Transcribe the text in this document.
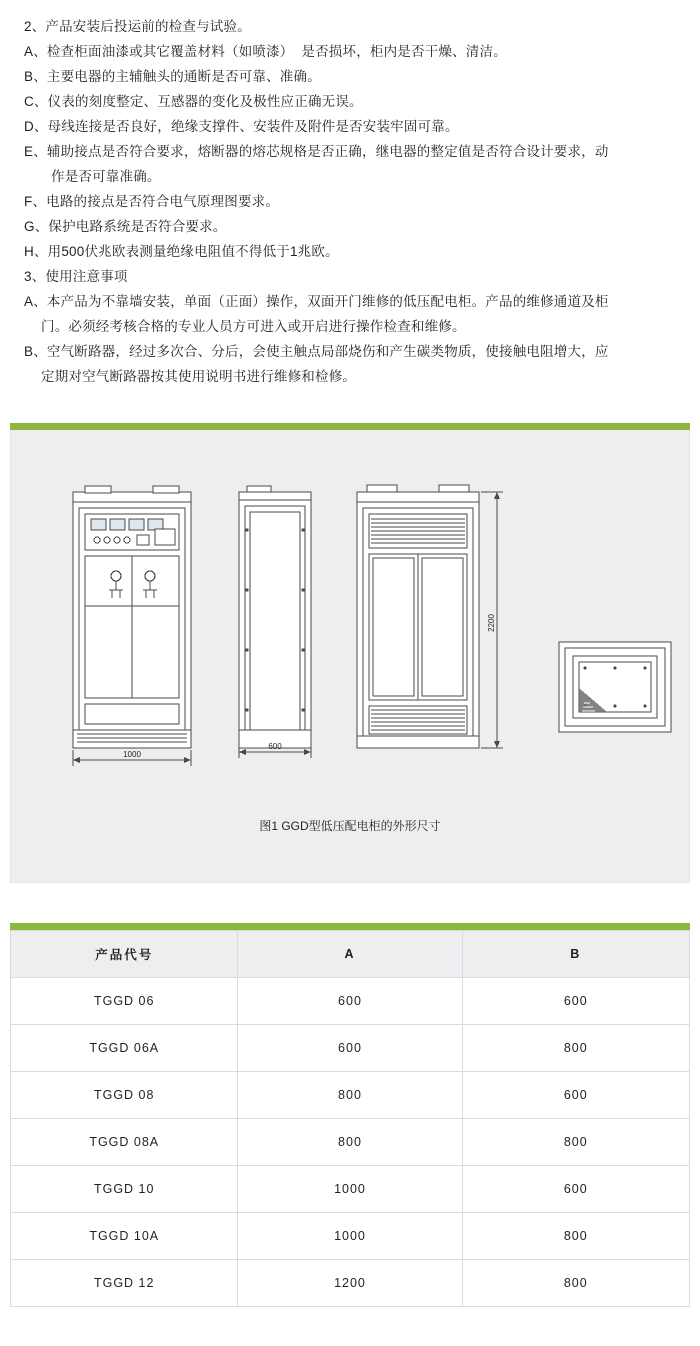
2、产品安装后投运前的检查与试验。
A、检查柜面油漆或其它覆盖材料（如喷漆）  是否损坏，柜内是否干燥、清洁。
B、主要电器的主辅触头的通断是否可靠、准确。
C、仪表的刻度整定、互感器的变化及极性应正确无误。
D、母线连接是否良好，绝缘支撑件、安装件及附件是否安装牢固可靠。
E、辅助接点是否符合要求，熔断器的熔芯规格是否正确，继电器的整定值是否符合设计要求，动
作是否可靠准确。
F、电路的接点是否符合电气原理图要求。
G、保护电路系统是否符合要求。
H、用500伏兆欧表测量绝缘电阻值不得低于1兆欧。
3、使用注意事项
A、本产品为不靠墙安装，单面（正面）操作，双面开门维修的低压配电柜。产品的维修通道及柜
门。必须经考核合格的专业人员方可进入或开启进行操作检查和维修。
B、空气断路器，经过多次合、分后，会使主触点局部烧伤和产生碳类物质，使接触电阻增大，应
定期对空气断路器按其使用说明书进行维修和检修。
1000
600
2200
图1 GGD型低压配电柜的外形尺寸
产品代号	A	B
TGGD 06	600	600
TGGD 06A	600	800
TGGD 08	800	600
TGGD 08A	800	800
TGGD 10	1000	600
TGGD 10A	1000	800
TGGD 12	1200	800
